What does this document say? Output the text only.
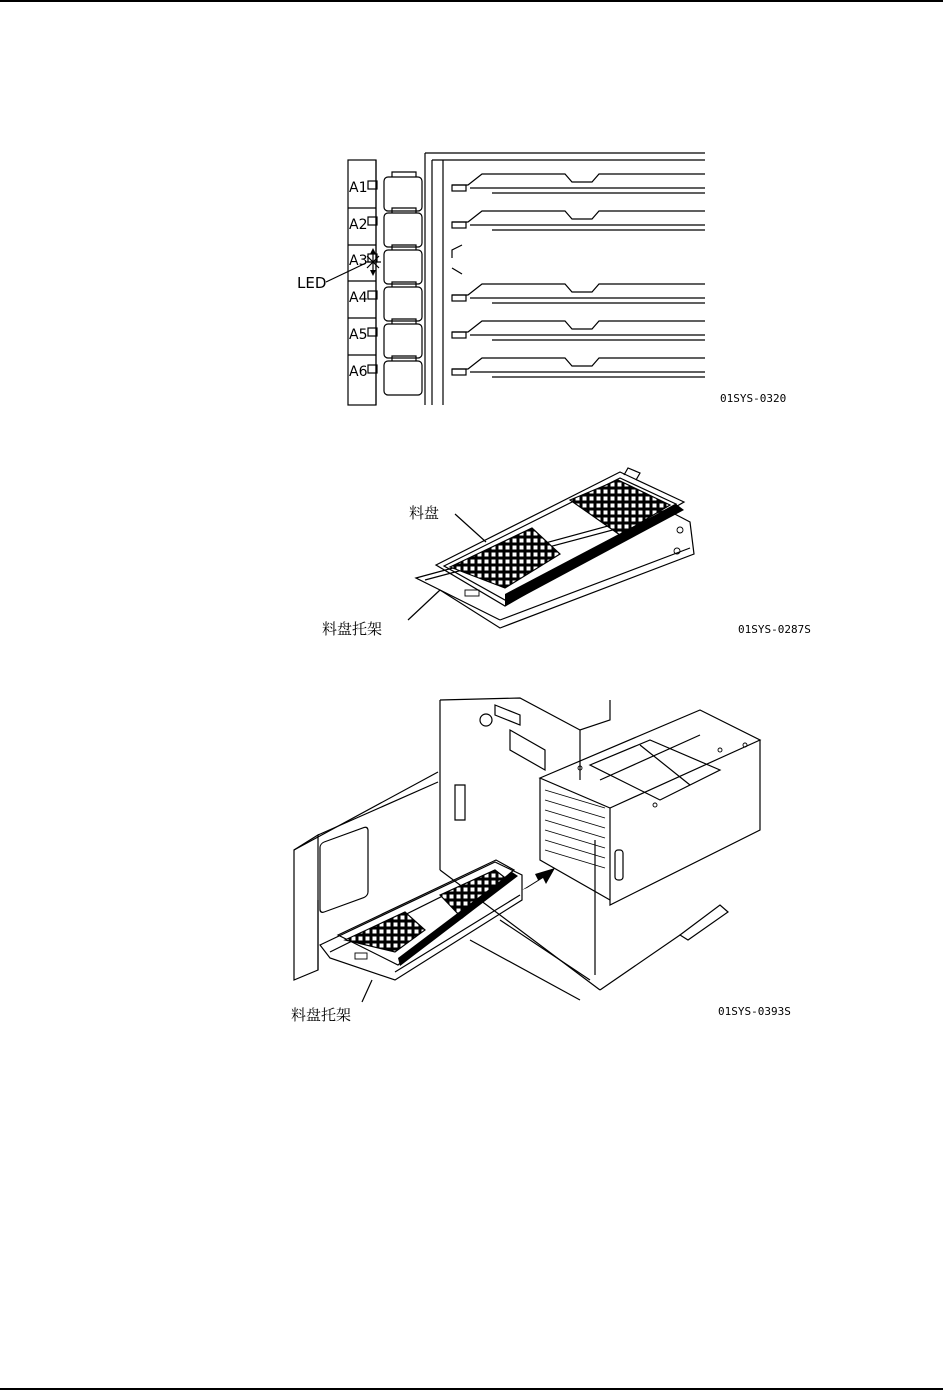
A1
A2
A3
A4
A5
A6
LED
01SYS-0320
料盘
料盘托架	01SYS-0287S
料盘托架	01SYS-0393S
